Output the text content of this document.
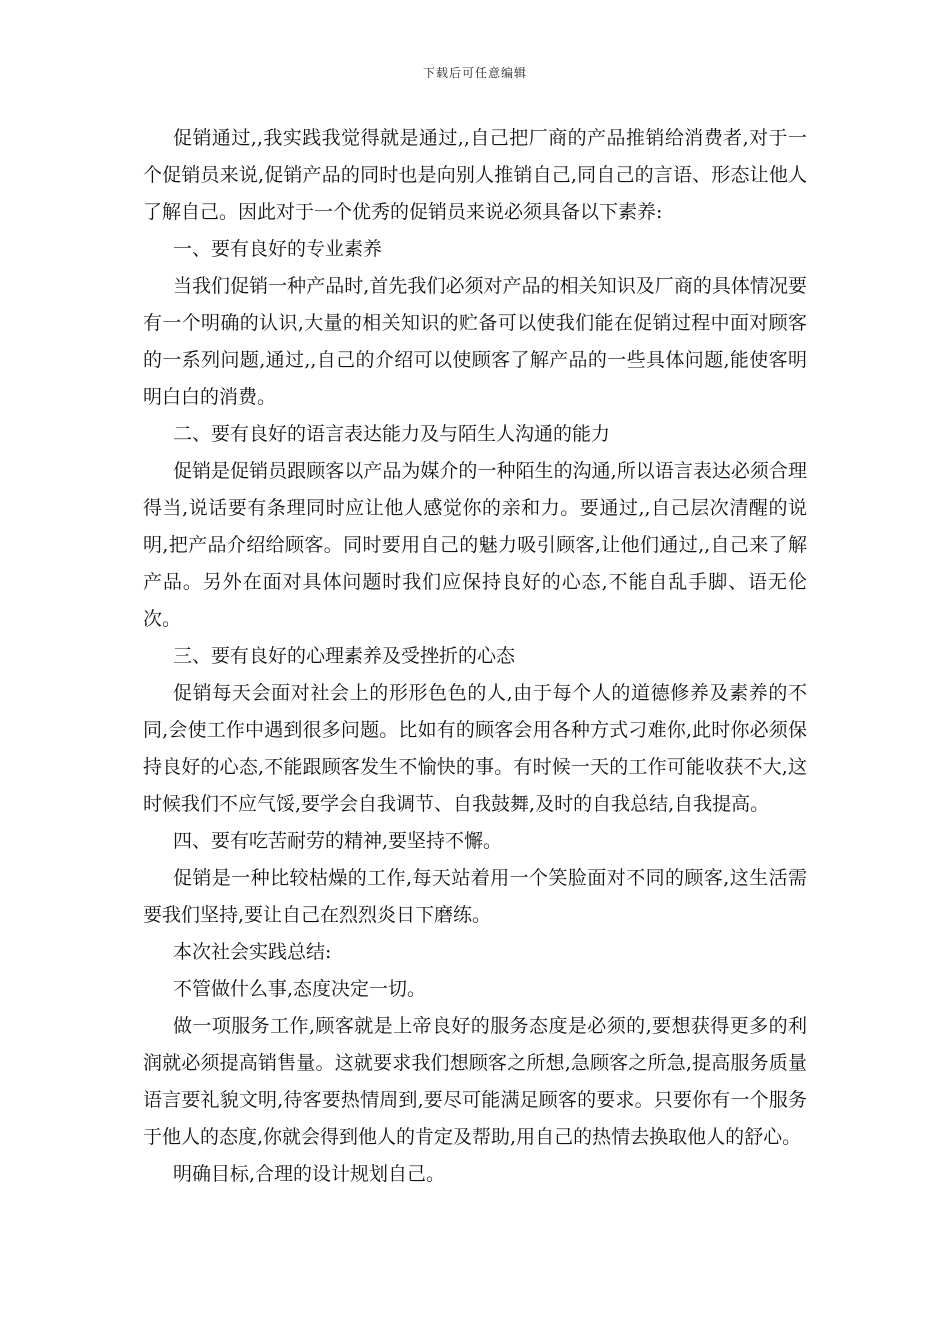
下载后可任意编辑

促销通过,,我实践我觉得就是通过,,自己把厂商的产品推销给消费者,对于一个促销员来说,促销产品的同时也是向别人推销自己,同自己的言语、形态让他人了解自己。因此对于一个优秀的促销员来说必须具备以下素养:

一、要有良好的专业素养

当我们促销一种产品时,首先我们必须对产品的相关知识及厂商的具体情况要有一个明确的认识,大量的相关知识的贮备可以使我们能在促销过程中面对顾客的一系列问题,通过,,自己的介绍可以使顾客了解产品的一些具体问题,能使客明明白白的消费。

二、要有良好的语言表达能力及与陌生人沟通的能力

促销是促销员跟顾客以产品为媒介的一种陌生的沟通,所以语言表达必须合理得当,说话要有条理同时应让他人感觉你的亲和力。要通过,,自己层次清醒的说明,把产品介绍给顾客。同时要用自己的魅力吸引顾客,让他们通过,,自己来了解产品。另外在面对具体问题时我们应保持良好的心态,不能自乱手脚、语无伦次。

三、要有良好的心理素养及受挫折的心态

促销每天会面对社会上的形形色色的人,由于每个人的道德修养及素养的不同,会使工作中遇到很多问题。比如有的顾客会用各种方式刁难你,此时你必须保持良好的心态,不能跟顾客发生不愉快的事。有时候一天的工作可能收获不大,这时候我们不应气馁,要学会自我调节、自我鼓舞,及时的自我总结,自我提高。

四、要有吃苦耐劳的精神,要坚持不懈。

促销是一种比较枯燥的工作,每天站着用一个笑脸面对不同的顾客,这生活需要我们坚持,要让自己在烈烈炎日下磨练。

本次社会实践总结:

不管做什么事,态度决定一切。

做一项服务工作,顾客就是上帝良好的服务态度是必须的,要想获得更多的利润就必须提高销售量。这就要求我们想顾客之所想,急顾客之所急,提高服务质量语言要礼貌文明,待客要热情周到,要尽可能满足顾客的要求。只要你有一个服务于他人的态度,你就会得到他人的肯定及帮助,用自己的热情去换取他人的舒心。

明确目标,合理的设计规划自己。
